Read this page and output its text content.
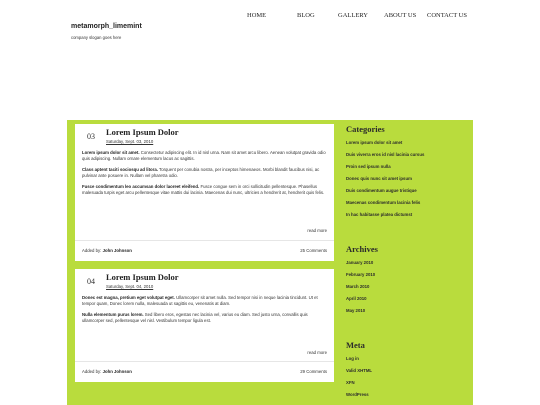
metamorph_limemint
company slogan goes here
HOME	BLOG	GALLERY ABOUT US CONTACT US
03 Lorem Ipsum Dolor
Saturday, Sept. 03, 2010
Lorem ipsum dolor sit amet. Consectetur adipiscing elit. In id nisl urna. Nam sit amet arcu libero. Aenean volutpat gravida odio quis adipiscing. Nullam ornare elementum lacus ac sagittis.
Class aptent taciti sociosqu ad litora. Torquent per conubia nostra, per inceptos himenaeos. Morbi blandit faucibus nisi, ac pulvinar ante posuere in. Nullam vel pharetra odio.
Fusce condimentum leo accumsan dolor laoreet eleifend. Fusce congue sem in orci sollicitudin pellentesque. Phasellus malesuada turpis eget arcu pellentesque vitae mattis dui lacinia. Maecenas dui nunc, ultricies a hendrerit at, hendrerit quis felis.
read more
Added by: John Johnson	25 Comments
04 Lorem Ipsum Dolor
Saturday, Sept. 04, 2010
Donec est magna, pretium eget volutpat eget. Ullamcorper sit amet nulla. Sed tempor nisi in neque lacinia tincidunt. Ut et tempor quam, Donec lorem nulla, malesuada ut sagittis eu, venenatis at diam.
Nulla elementum purus lorem. Sed libero eros, egestas nec lacinia vel, varius eu diam. Sed justo urna, convallis quis ullamcorper sed, pellentesque vel nisl. Vestibulum tempor ligula est.
read more
Added by: John Johnson	29 Comments
Categories
Lorem ipsum dolor sit amet
Duis viverra eros id nisl lacinia cursus
Proin sed ipsum nulla
Donec quis nunc sit amet ipsum
Duis condimentum augue tristique
Maecenas condimentum lacinia felis
In hac habitasse platea dictumst
Archives
January 2010
February 2010
March 2010
April 2010
May 2010
Meta
Log in
Valid XHTML
XFN
WordPress
